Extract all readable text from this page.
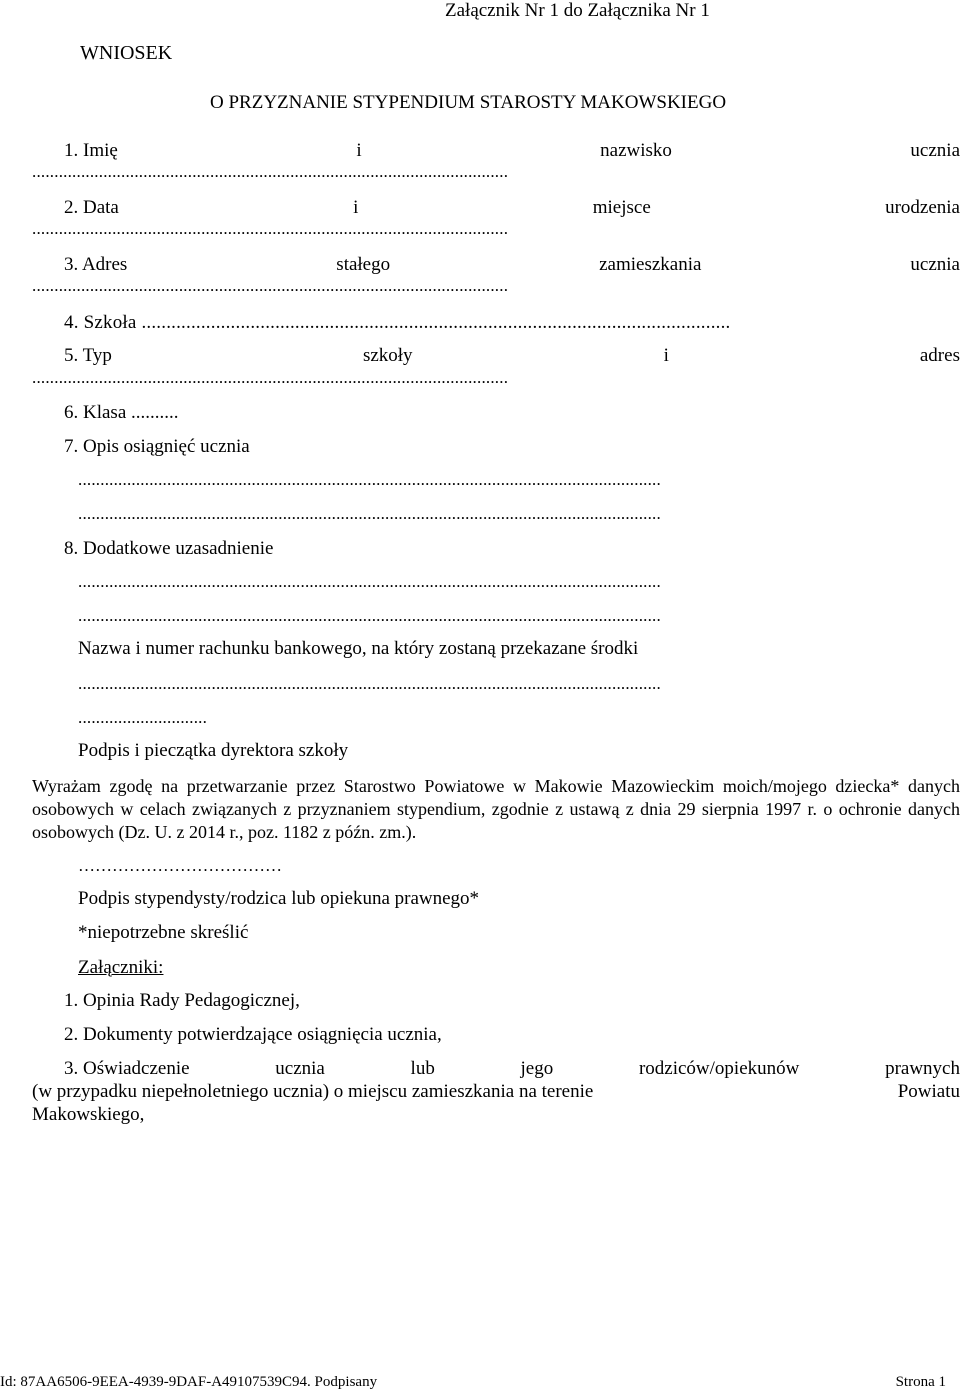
Załącznik Nr 1 do Załącznika Nr 1
WNIOSEK
O PRZYZNANIE STYPENDIUM STAROSTY MAKOWSKIEGO
1. Imię	i	nazwisko	ucznia
...........................................................................................................
2. Data	i	miejsce	urodzenia
...........................................................................................................
3. Adres	stałego	zamieszkania	ucznia
...........................................................................................................
4. Szkoła .......................................................................................................................
5. Typ	szkoły	i	adres
...........................................................................................................
6. Klasa ..........
7. Opis osiągnięć ucznia
...................................................................................................................................
...................................................................................................................................
8. Dodatkowe uzasadnienie
...................................................................................................................................
...................................................................................................................................
Nazwa i numer rachunku bankowego, na który zostaną przekazane środki
...................................................................................................................................
.............................
Podpis i pieczątka dyrektora szkoły
Wyrażam zgodę na przetwarzanie przez Starostwo Powiatowe w Makowie Mazowieckim moich/mojego dziecka* danych osobowych w celach związanych z przyznaniem stypendium, zgodnie z ustawą z dnia 29 sierpnia 1997 r. o ochronie danych osobowych (Dz. U. z 2014 r., poz. 1182 z późn. zm.).
………………………………
Podpis stypendysty/rodzica lub opiekuna prawnego*
*niepotrzebne skreślić
Załączniki:
1. Opinia Rady Pedagogicznej,
2. Dokumenty potwierdzające osiągnięcia ucznia,
3. Oświadczenie	ucznia	lub	jego	rodziców/opiekunów	prawnych
(w przypadku niepełnoletniego ucznia) o miejscu zamieszkania na terenie	Powiatu
Makowskiego,
Id: 87AA6506-9EEA-4939-9DAF-A49107539C94. Podpisany	Strona 1
